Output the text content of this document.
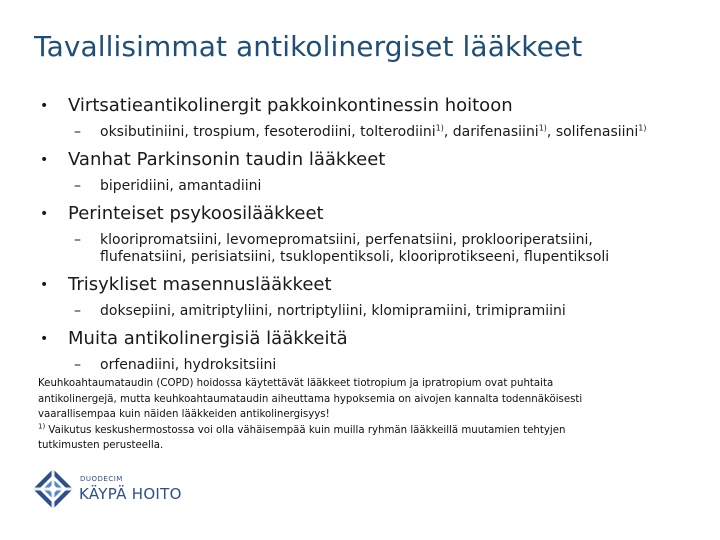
Tavallisimmat antikolinergiset lääkkeet
• Virtsatieantikolinergit pakkoinkontinessin hoitoon
– oksibutiniini, trospium, fesoterodiini, tolterodiini$^{1)}$, darifenasiini$^{1)}$, solifenasiini$^{1)}$
• Vanhat Parkinsonin taudin lääkkeet
– biperidiini, amantadiini
• Perinteiset psykoosilääkkeet
– klooripromatsiini, levomepromatsiini, perfenatsiini, proklooriperatsiini,
flufenatsiini, perisiatsiini, tsuklopentiksoli, klooriprotikseeni, flupentiksoli
• Trisykliset masennuslääkkeet
– doksepiini, amitriptyliini, nortriptyliini, klomipramiini, trimipramiini
• Muita antikolinergisiä lääkkeitä
– orfenadiini, hydroksitsiini
Keuhkoahtaumataudin (COPD) hoidossa käytettävät lääkkeet tiotropium ja ipratropium ovat puhtaita
antikolinergejä, mutta keuhkoahtaumataudin aiheuttama hypoksemia on aivojen kannalta todennäköisesti
vaarallisempaa kuin näiden lääkkeiden antikolinergisyys!
$^{1)}$ Vaikutus keskushermostossa voi olla vähäisempää kuin muilla ryhmän lääkkeillä muutamien tehtyjen
tutkimusten perusteella.
DUODECIM
KÄYPÄ HOITO
